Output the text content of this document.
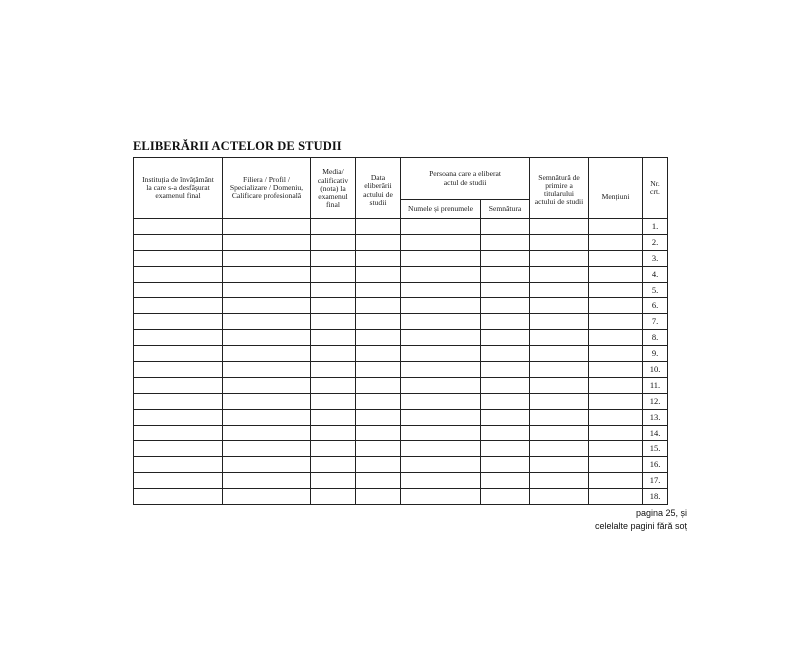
ELIBERĂRII ACTELOR DE STUDII
Instituția de învățământ
la care s-a desfășurat
examenul final	Filiera / Profil /
Specializare / Domeniu,
Calificare profesională	Media/
calificativ
(nota) la
examenul
final	Data
eliberării
actului de
studii	Persoana care a eliberat
actul de studii		Semnătură de
primire a
titularului
actului de studii	Mențiuni	Nr.
crt.

				Numele și prenumele	Semnătura			

								1.
								2.
								3.
								4.
								5.
								6.
								7.
								8.
								9.
								10.
								11.
								12.
								13.
								14.
								15.
								16.
								17.
								18.
pagina 25, și
celelalte pagini fără soț
